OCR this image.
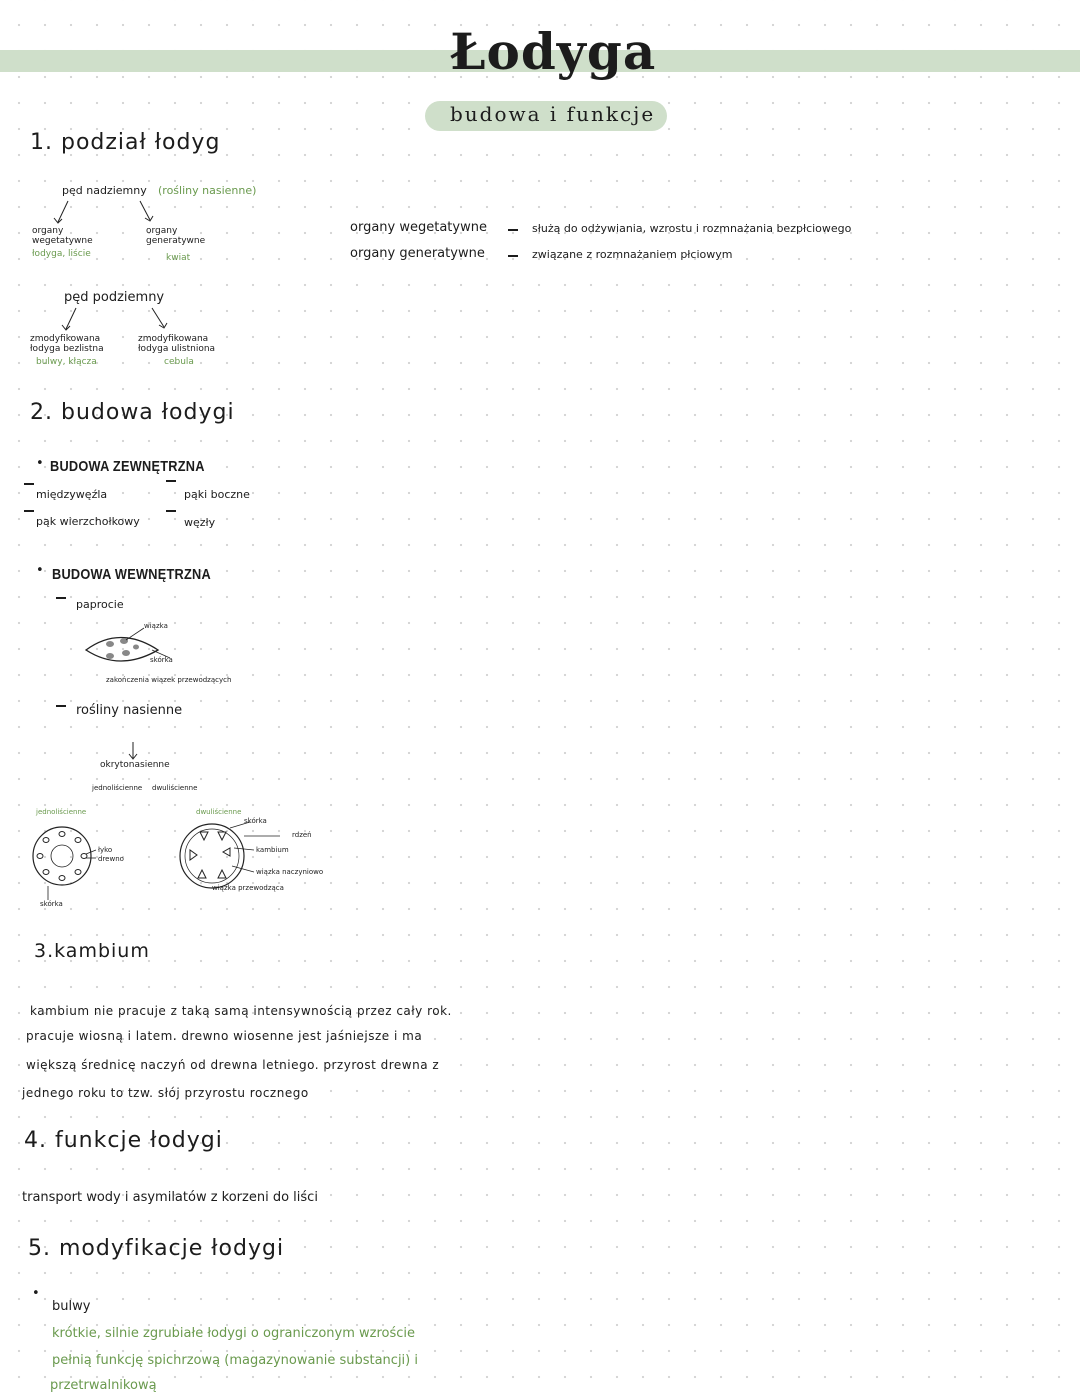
Łodyga
budowa i funkcje
1. podział łodyg
pęd nadziemny (rośliny nasienne)
organy
wegetatywne
łodyga, liście
organy
generatywne
kwiat
pęd podziemny
zmodyfikowana
łodyga bezlistna
bulwy, kłącza
zmodyfikowana
łodyga ulistniona
cebula
organy wegetatywne	służą do odżywiania, wzrostu i rozmnażania bezpłciowego
organy generatywne	związane z rozmnażaniem płciowym
2. budowa łodygi
• BUDOWA ZEWNĘTRZNA
międzywęźla	pąki boczne
pąk wierzchołkowy	węzły
• BUDOWA WEWNĘTRZNA
paprocie
wiązka
skórka
zakończenia wiązek przewodzących
rośliny nasienne
okrytonasienne
jednoliścienne dwuliścienne
jednoliścienne
łyko
drewno
skórka
dwuliścienne
skórka
rdzeń
kambium
wiązka naczyniowo
wiązka przewodząca
3.kambium
kambium nie pracuje z taką samą intensywnością przez cały rok.
pracuje wiosną i latem. drewno wiosenne jest jaśniejsze i ma
większą średnicę naczyń od drewna letniego. przyrost drewna z
jednego roku to tzw. słój przyrostu rocznego
4. funkcje łodygi
transport wody i asymilatów z korzeni do liści
5. modyfikacje łodygi
•
bulwy
krótkie, silnie zgrubiałe łodygi o ograniczonym wzroście
pełnią funkcję spichrzową (magazynowanie substancji) i
przetrwalnikową
